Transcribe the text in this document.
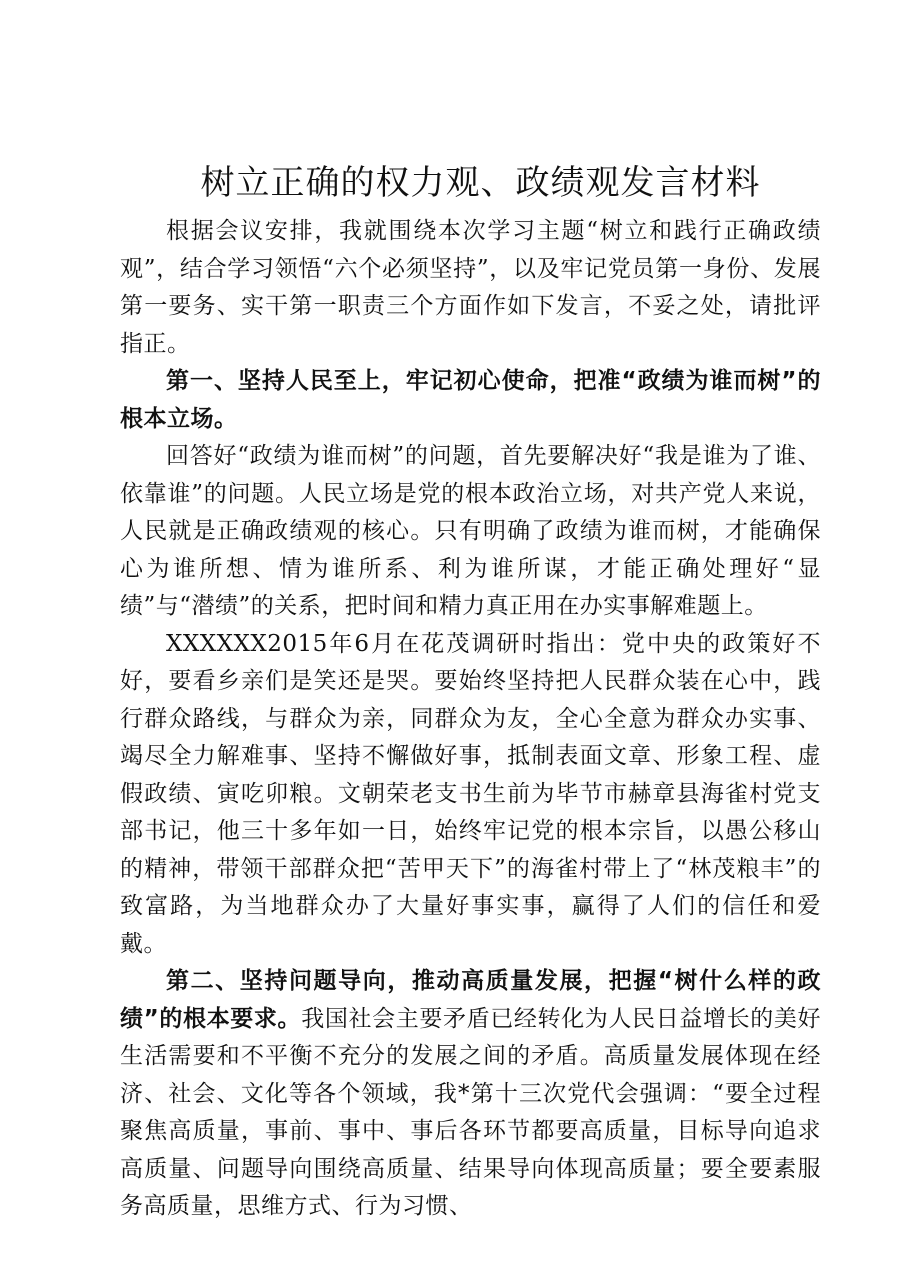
树立正确的权力观、政绩观发言材料

根据会议安排，我就围绕本次学习主题“树立和践行正确政绩观”，结合学习领悟“六个必须坚持”，以及牢记党员第一身份、发展第一要务、实干第一职责三个方面作如下发言，不妥之处，请批评指正。

第一、坚持人民至上，牢记初心使命，把准“政绩为谁而树”的根本立场。

回答好“政绩为谁而树”的问题，首先要解决好“我是谁为了谁、依靠谁”的问题。人民立场是党的根本政治立场，对共产党人来说，人民就是正确政绩观的核心。只有明确了政绩为谁而树，才能确保心为谁所想、情为谁所系、利为谁所谋，才能正确处理好“显绩”与“潜绩”的关系，把时间和精力真正用在办实事解难题上。

XXXXXX2015年6月在花茂调研时指出：党中央的政策好不好，要看乡亲们是笑还是哭。要始终坚持把人民群众装在心中，践行群众路线，与群众为亲，同群众为友，全心全意为群众办实事、竭尽全力解难事、坚持不懈做好事，抵制表面文章、形象工程、虚假政绩、寅吃卯粮。文朝荣老支书生前为毕节市赫章县海雀村党支部书记，他三十多年如一日，始终牢记党的根本宗旨，以愚公移山的精神，带领干部群众把“苦甲天下”的海雀村带上了“林茂粮丰”的致富路，为当地群众办了大量好事实事，赢得了人们的信任和爱戴。

第二、坚持问题导向，推动高质量发展，把握“树什么样的政绩”的根本要求。我国社会主要矛盾已经转化为人民日益增长的美好生活需要和不平衡不充分的发展之间的矛盾。高质量发展体现在经济、社会、文化等各个领域，我*第十三次党代会强调：“要全过程聚焦高质量，事前、事中、事后各环节都要高质量，目标导向追求高质量、问题导向围绕高质量、结果导向体现高质量；要全要素服务高质量，思维方式、行为习惯、
